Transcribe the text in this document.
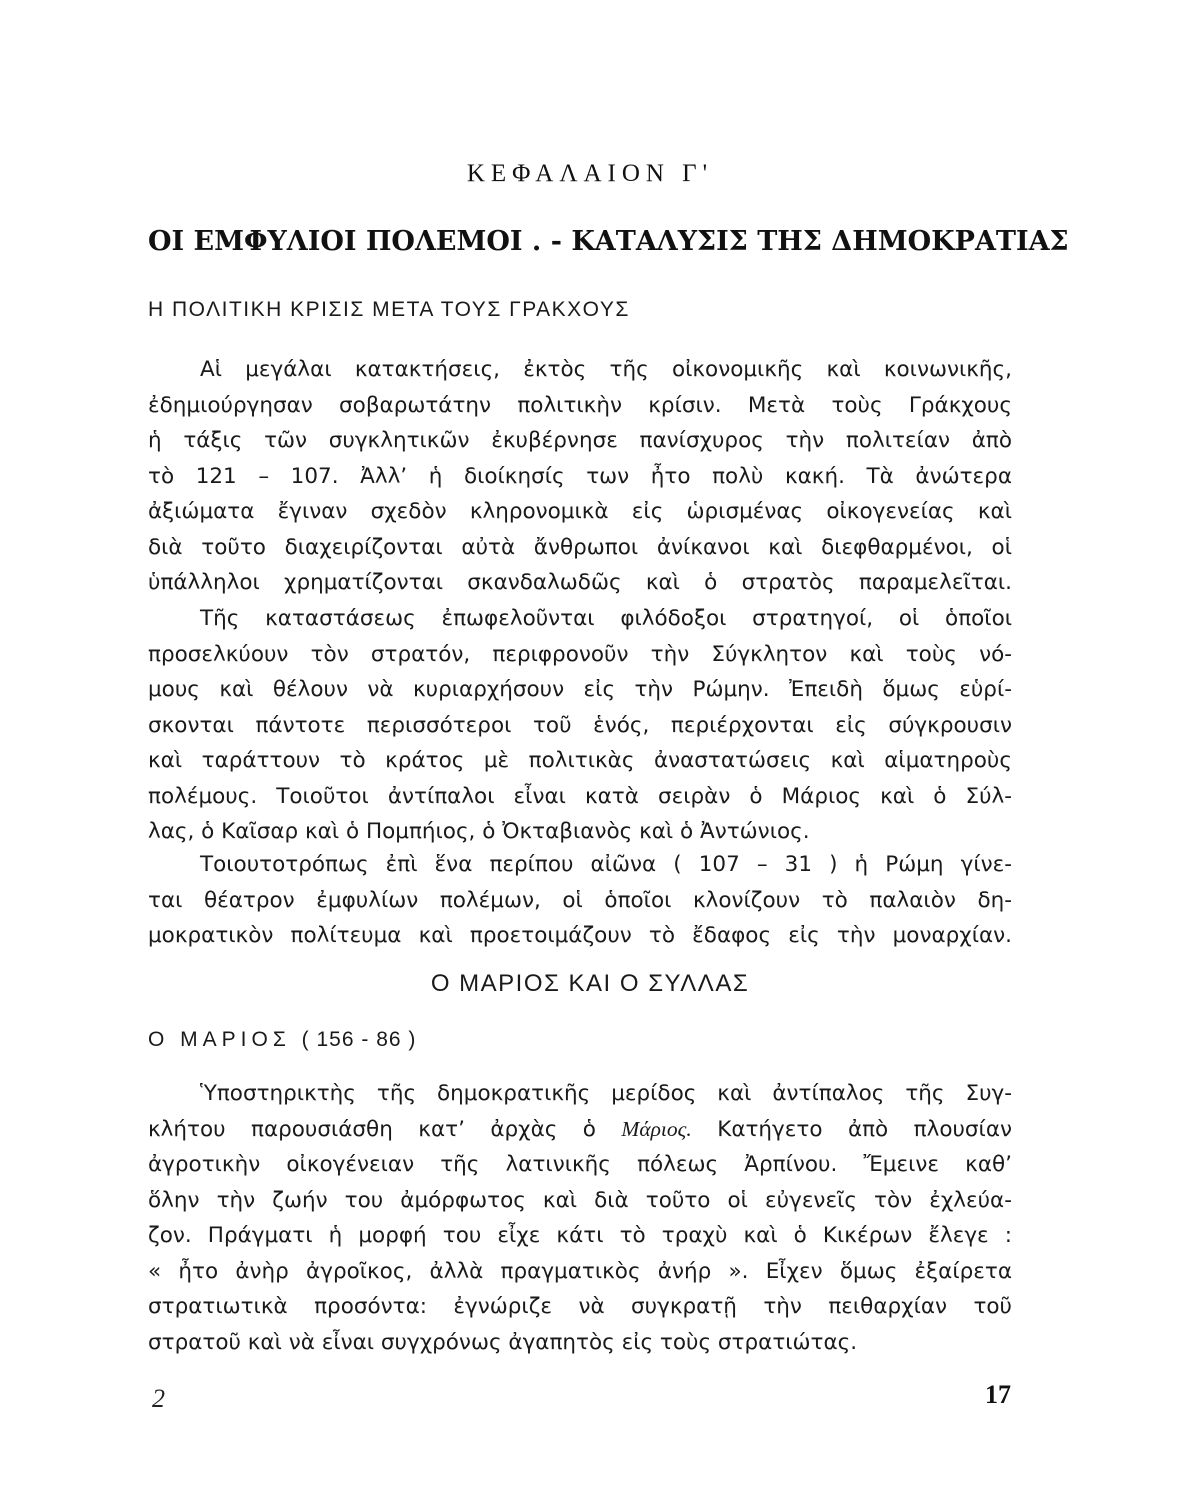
ΚΕΦΑΛΑΙΟΝ Γ'
ΟΙ ΕΜΦΥΛΙΟΙ ΠΟΛΕΜΟΙ . - ΚΑΤΑΛΥΣΙΣ ΤΗΣ ΔΗΜΟΚΡΑΤΙΑΣ
Η ΠΟΛΙΤΙΚΗ ΚΡΙΣΙΣ ΜΕΤΑ ΤΟΥΣ ΓΡΑΚΧΟΥΣ
Αἱ μεγάλαι κατακτήσεις, ἐκτὸς τῆς οἰκονομικῆς καὶ κοινωνικῆς,
ἐδημιούργησαν σοβαρωτάτην πολιτικὴν κρίσιν. Μετὰ τοὺς Γράκχους
ἡ τάξις τῶν συγκλητικῶν ἐκυβέρνησε πανίσχυρος τὴν πολιτείαν ἀπὸ
τὸ 121 – 107. Ἀλλ’ ἡ διοίκησίς των ἦτο πολὺ κακή. Τὰ ἀνώτερα
ἀξιώματα ἔγιναν σχεδὸν κληρονομικὰ εἰς ὡρισμένας οἰκογενείας καὶ
διὰ τοῦτο διαχειρίζονται αὐτὰ ἄνθρωποι ἀνίκανοι καὶ διεφθαρμένοι, οἱ
ὑπάλληλοι χρηματίζονται σκανδαλωδῶς καὶ ὁ στρατὸς παραμελεῖται.
Τῆς καταστάσεως ἐπωφελοῦνται φιλόδοξοι στρατηγοί, οἱ ὁποῖοι
προσελκύουν τὸν στρατόν, περιφρονοῦν τὴν Σύγκλητον καὶ τοὺς νό-
μους καὶ θέλουν νὰ κυριαρχήσουν εἰς τὴν Ρώμην. Ἐπειδὴ ὅμως εὑρί-
σκονται πάντοτε περισσότεροι τοῦ ἑνός, περιέρχονται εἰς σύγκρουσιν
καὶ ταράττουν τὸ κράτος μὲ πολιτικὰς ἀναστατώσεις καὶ αἱματηροὺς
πολέμους. Τοιοῦτοι ἀντίπαλοι εἶναι κατὰ σειρὰν ὁ Μάριος καὶ ὁ Σύλ-
λας, ὁ Καῖσαρ καὶ ὁ Πομπήιος, ὁ Ὀκταβιανὸς καὶ ὁ Ἀντώνιος.
Τοιουτοτρόπως ἐπὶ ἕνα περίπου αἰῶνα ( 107 – 31 ) ἡ Ρώμη γίνε-
ται θέατρον ἐμφυλίων πολέμων, οἱ ὁποῖοι κλονίζουν τὸ παλαιὸν δη-
μοκρατικὸν πολίτευμα καὶ προετοιμάζουν τὸ ἔδαφος εἰς τὴν μοναρχίαν.
Ο ΜΑΡΙΟΣ ΚΑΙ Ο ΣΥΛΛΑΣ
Ο ΜΑΡΙΟΣ ( 156 - 86 )
Ὑποστηρικτὴς τῆς δημοκρατικῆς μερίδος καὶ ἀντίπαλος τῆς Συγ-
κλήτου παρουσιάσθη κατ’ ἀρχὰς ὁ Μάριος. Κατήγετο ἀπὸ πλουσίαν
ἀγροτικὴν οἰκογένειαν τῆς λατινικῆς πόλεως Ἀρπίνου. Ἔμεινε καθ’
ὅλην τὴν ζωήν του ἀμόρφωτος καὶ διὰ τοῦτο οἱ εὐγενεῖς τὸν ἐχλεύα-
ζον. Πράγματι ἡ μορφή του εἶχε κάτι τὸ τραχὺ καὶ ὁ Κικέρων ἔλεγε :
« ἦτο ἀνὴρ ἀγροῖκος, ἀλλὰ πραγματικὸς ἀνήρ ». Εἶχεν ὅμως ἐξαίρετα
στρατιωτικὰ προσόντα: ἐγνώριζε νὰ συγκρατῇ τὴν πειθαρχίαν τοῦ
στρατοῦ καὶ νὰ εἶναι συγχρόνως ἀγαπητὸς εἰς τοὺς στρατιώτας.
2	17
